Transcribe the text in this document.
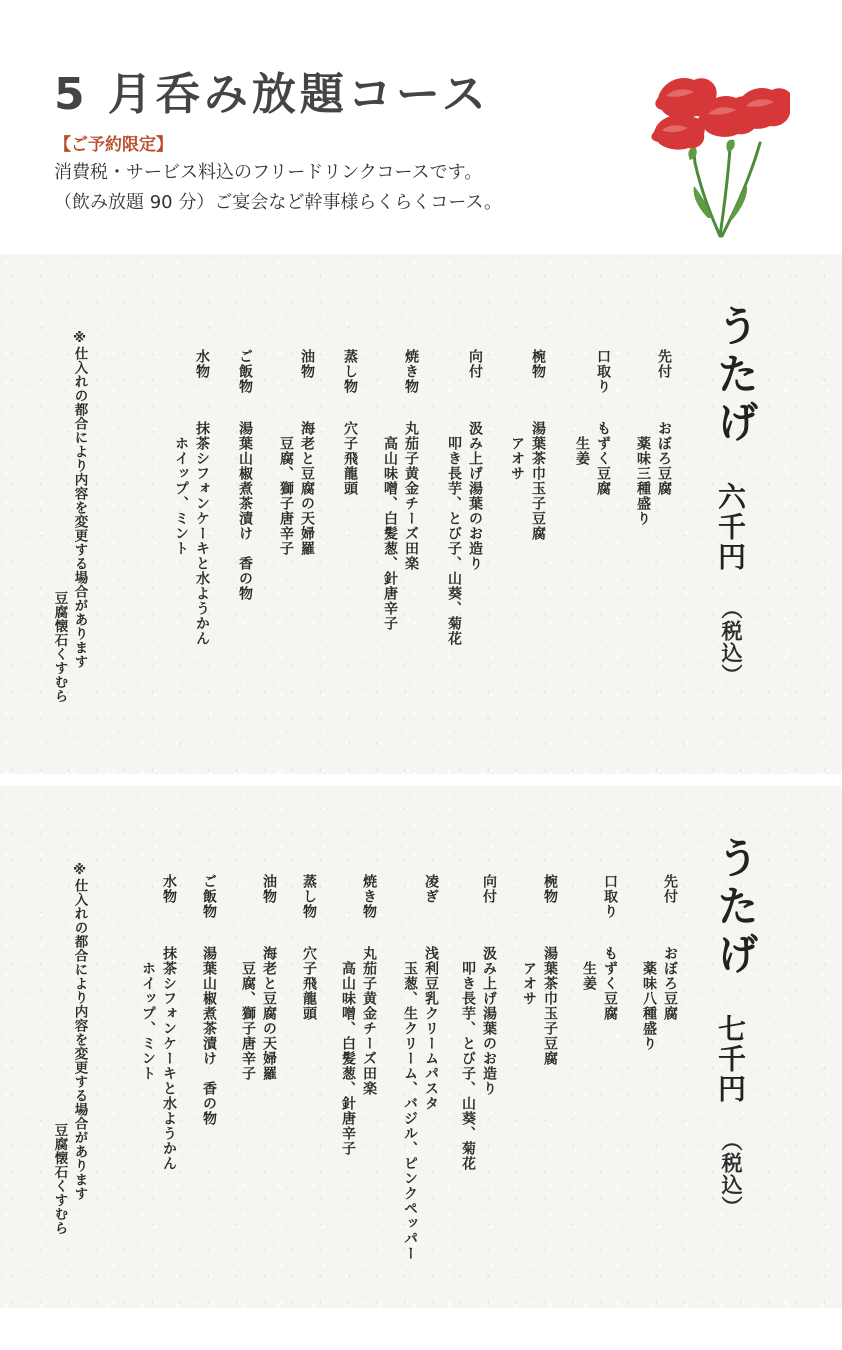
5 月呑み放題コース
【ご予約限定】
消費税・サービス料込のフリードリンクコースです。
（飲み放題 90 分）ご宴会など幹事様らくらくコース。
うたげ
六千円
（税込）
先付
おぼろ豆腐
薬味三種盛り
口取り
もずく豆腐
生姜
椀物
湯葉茶巾玉子豆腐
アオサ
向付
汲み上げ湯葉のお造り
叩き長芋、とび子、山葵、菊花
焼き物
丸茄子黄金チーズ田楽
高山味噌、白髪葱、針唐辛子
蒸し物
穴子飛龍頭
油物
海老と豆腐の天婦羅
豆腐、獅子唐辛子
ご飯物
湯葉山椒煮茶漬け　香の物
水物
抹茶シフォンケーキと水ようかん
ホイップ、ミント
※仕入れの都合により内容を変更する場合があります
豆腐懐石くすむら
うたげ
七千円
（税込）
先付
おぼろ豆腐
薬味八種盛り
口取り
もずく豆腐
生姜
椀物
湯葉茶巾玉子豆腐
アオサ
向付
汲み上げ湯葉のお造り
叩き長芋、とび子、山葵、菊花
凌ぎ
浅利豆乳クリームパスタ
玉葱、生クリーム、バジル、ピンクペッパー
焼き物
丸茄子黄金チーズ田楽
高山味噌、白髪葱、針唐辛子
蒸し物
穴子飛龍頭
油物
海老と豆腐の天婦羅
豆腐、獅子唐辛子
ご飯物
湯葉山椒煮茶漬け　香の物
水物
抹茶シフォンケーキと水ようかん
ホイップ、ミント
※仕入れの都合により内容を変更する場合があります
豆腐懐石くすむら
